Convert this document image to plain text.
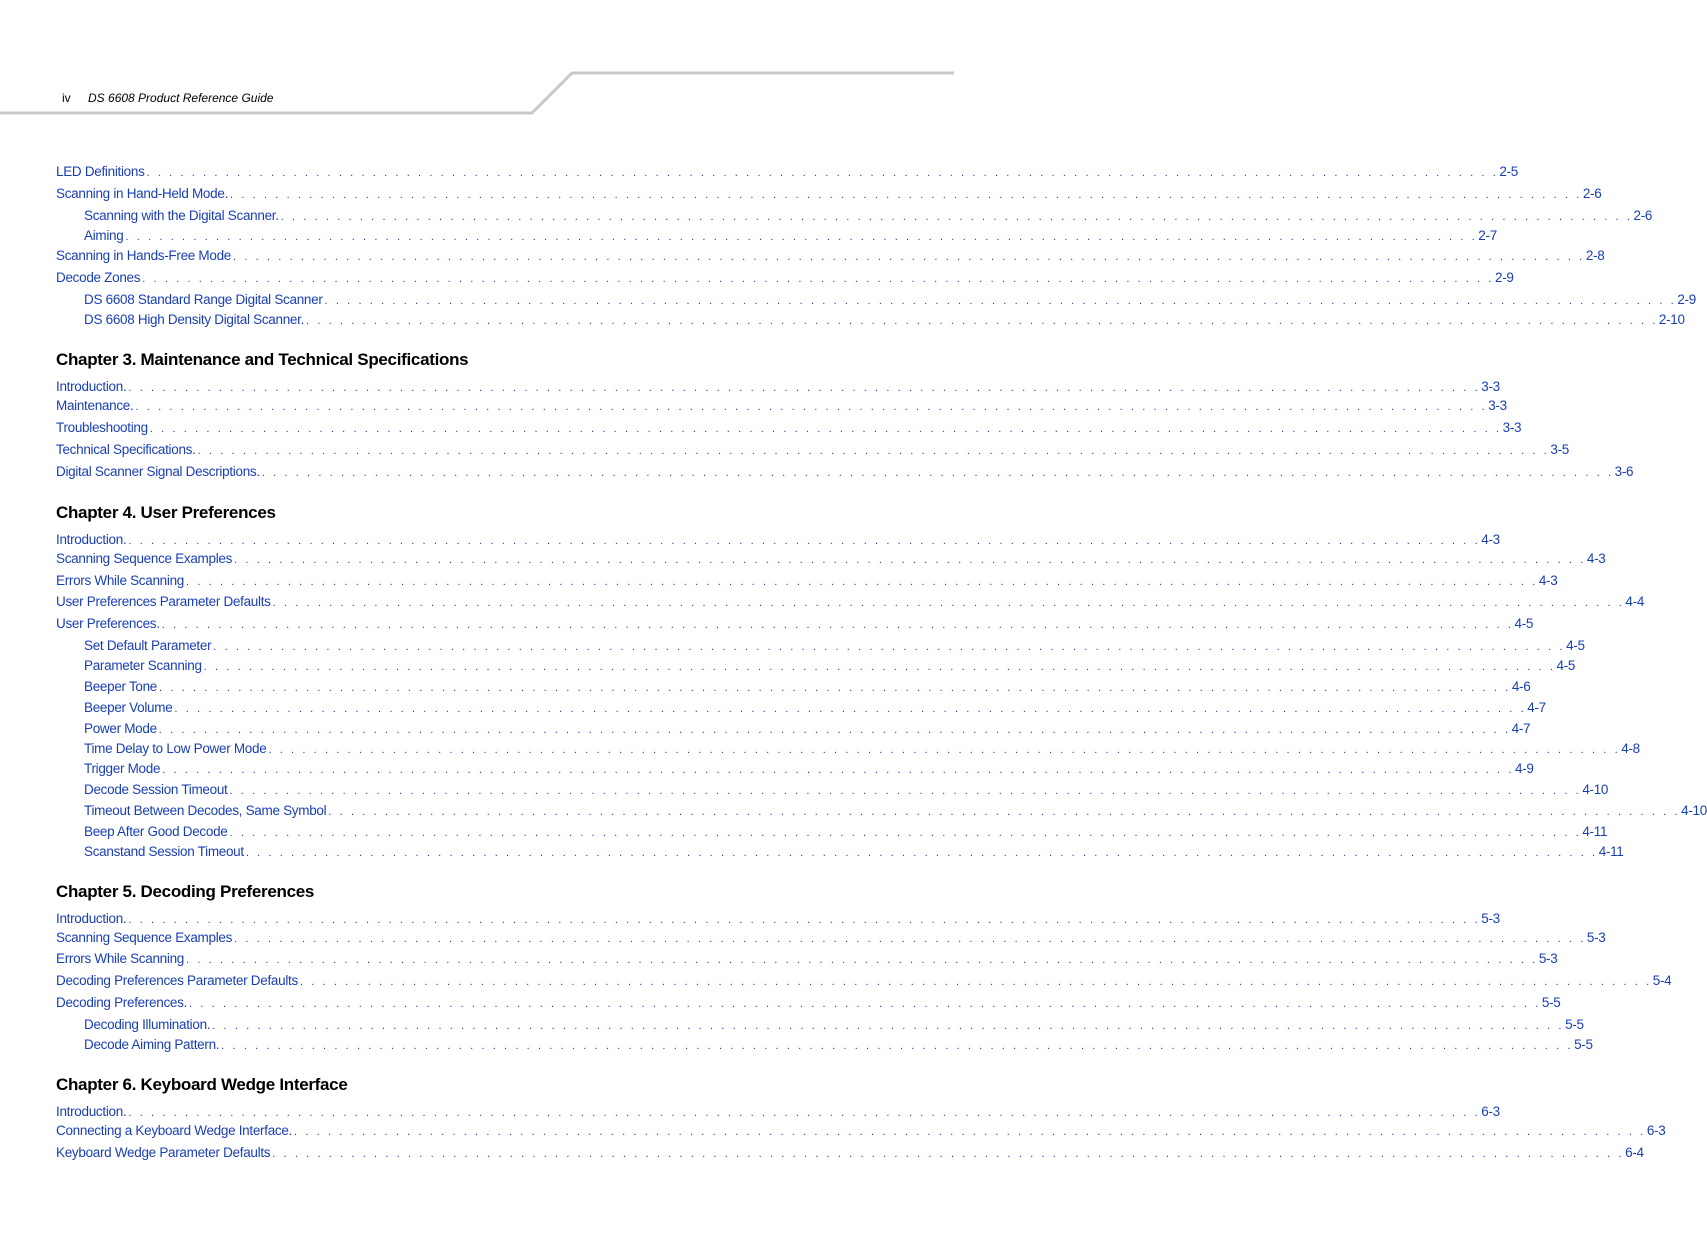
iv DS 6608 Product Reference Guide
Chapter 3. Maintenance and Technical Specifications
Chapter 4. User Preferences
Chapter 5. Decoding Preferences
Chapter 6. Keyboard Wedge Interface
LED Definitions . . . . . . . . . . . . . . . . . . . . . . . . . . . . . . . . . . . . . . . . . . . . . . . . . . . . . . . . . . . . . . . . . . . . . . . . . . . . . . . . . . . . . . . . . . . . . . . . . . . . . . . . . . . . . . . . . . . . . . . . 2-5
Scanning in Hand-Held Mode. . . . . . . . . . . . . . . . . . . . . . . . . . . . . . . . . . . . . . . . . . . . . . . . . . . . . . . . . . . . . . . . . . . . . . . . . . . . . . . . . . . . . . . . . . . . . . . . . . . . . . . . . . . . . . . . . . . . . . . . . 2-6
Scanning with the Digital Scanner. . . . . . . . . . . . . . . . . . . . . . . . . . . . . . . . . . . . . . . . . . . . . . . . . . . . . . . . . . . . . . . . . . . . . . . . . . . . . . . . . . . . . . . . . . . . . . . . . . . . . . . . . . . . . . . . . . . . . . . . . 2-6
Aiming . . . . . . . . . . . . . . . . . . . . . . . . . . . . . . . . . . . . . . . . . . . . . . . . . . . . . . . . . . . . . . . . . . . . . . . . . . . . . . . . . . . . . . . . . . . . . . . . . . . . . . . . . . . . . . . . . . . . . . . . 2-7
Scanning in Hands-Free Mode . . . . . . . . . . . . . . . . . . . . . . . . . . . . . . . . . . . . . . . . . . . . . . . . . . . . . . . . . . . . . . . . . . . . . . . . . . . . . . . . . . . . . . . . . . . . . . . . . . . . . . . . . . . . . . . . . . . . . . . . 2-8
Decode Zones . . . . . . . . . . . . . . . . . . . . . . . . . . . . . . . . . . . . . . . . . . . . . . . . . . . . . . . . . . . . . . . . . . . . . . . . . . . . . . . . . . . . . . . . . . . . . . . . . . . . . . . . . . . . . . . . . . . . . . . . 2-9
DS 6608 Standard Range Digital Scanner . . . . . . . . . . . . . . . . . . . . . . . . . . . . . . . . . . . . . . . . . . . . . . . . . . . . . . . . . . . . . . . . . . . . . . . . . . . . . . . . . . . . . . . . . . . . . . . . . . . . . . . . . . . . . . . . . . . . . . . . 2-9
DS 6608 High Density Digital Scanner. . . . . . . . . . . . . . . . . . . . . . . . . . . . . . . . . . . . . . . . . . . . . . . . . . . . . . . . . . . . . . . . . . . . . . . . . . . . . . . . . . . . . . . . . . . . . . . . . . . . . . . . . . . . . . . . . . . . . . . . . 2-10
Introduction. . . . . . . . . . . . . . . . . . . . . . . . . . . . . . . . . . . . . . . . . . . . . . . . . . . . . . . . . . . . . . . . . . . . . . . . . . . . . . . . . . . . . . . . . . . . . . . . . . . . . . . . . . . . . . . . . . . . . . . . . 3-3
Maintenance. . . . . . . . . . . . . . . . . . . . . . . . . . . . . . . . . . . . . . . . . . . . . . . . . . . . . . . . . . . . . . . . . . . . . . . . . . . . . . . . . . . . . . . . . . . . . . . . . . . . . . . . . . . . . . . . . . . . . . . . . 3-3
Troubleshooting . . . . . . . . . . . . . . . . . . . . . . . . . . . . . . . . . . . . . . . . . . . . . . . . . . . . . . . . . . . . . . . . . . . . . . . . . . . . . . . . . . . . . . . . . . . . . . . . . . . . . . . . . . . . . . . . . . . . . . . . 3-3
Technical Specifications. . . . . . . . . . . . . . . . . . . . . . . . . . . . . . . . . . . . . . . . . . . . . . . . . . . . . . . . . . . . . . . . . . . . . . . . . . . . . . . . . . . . . . . . . . . . . . . . . . . . . . . . . . . . . . . . . . . . . . . . . 3-5
Digital Scanner Signal Descriptions. . . . . . . . . . . . . . . . . . . . . . . . . . . . . . . . . . . . . . . . . . . . . . . . . . . . . . . . . . . . . . . . . . . . . . . . . . . . . . . . . . . . . . . . . . . . . . . . . . . . . . . . . . . . . . . . . . . . . . . . . 3-6
Introduction. . . . . . . . . . . . . . . . . . . . . . . . . . . . . . . . . . . . . . . . . . . . . . . . . . . . . . . . . . . . . . . . . . . . . . . . . . . . . . . . . . . . . . . . . . . . . . . . . . . . . . . . . . . . . . . . . . . . . . . . . 4-3
Scanning Sequence Examples . . . . . . . . . . . . . . . . . . . . . . . . . . . . . . . . . . . . . . . . . . . . . . . . . . . . . . . . . . . . . . . . . . . . . . . . . . . . . . . . . . . . . . . . . . . . . . . . . . . . . . . . . . . . . . . . . . . . . . . . 4-3
Errors While Scanning . . . . . . . . . . . . . . . . . . . . . . . . . . . . . . . . . . . . . . . . . . . . . . . . . . . . . . . . . . . . . . . . . . . . . . . . . . . . . . . . . . . . . . . . . . . . . . . . . . . . . . . . . . . . . . . . . . . . . . . . 4-3
User Preferences Parameter Defaults . . . . . . . . . . . . . . . . . . . . . . . . . . . . . . . . . . . . . . . . . . . . . . . . . . . . . . . . . . . . . . . . . . . . . . . . . . . . . . . . . . . . . . . . . . . . . . . . . . . . . . . . . . . . . . . . . . . . . . . . 4-4
User Preferences. . . . . . . . . . . . . . . . . . . . . . . . . . . . . . . . . . . . . . . . . . . . . . . . . . . . . . . . . . . . . . . . . . . . . . . . . . . . . . . . . . . . . . . . . . . . . . . . . . . . . . . . . . . . . . . . . . . . . . . . . 4-5
Set Default Parameter . . . . . . . . . . . . . . . . . . . . . . . . . . . . . . . . . . . . . . . . . . . . . . . . . . . . . . . . . . . . . . . . . . . . . . . . . . . . . . . . . . . . . . . . . . . . . . . . . . . . . . . . . . . . . . . . . . . . . . . . 4-5
Parameter Scanning . . . . . . . . . . . . . . . . . . . . . . . . . . . . . . . . . . . . . . . . . . . . . . . . . . . . . . . . . . . . . . . . . . . . . . . . . . . . . . . . . . . . . . . . . . . . . . . . . . . . . . . . . . . . . . . . . . . . . . . . 4-5
Beeper Tone . . . . . . . . . . . . . . . . . . . . . . . . . . . . . . . . . . . . . . . . . . . . . . . . . . . . . . . . . . . . . . . . . . . . . . . . . . . . . . . . . . . . . . . . . . . . . . . . . . . . . . . . . . . . . . . . . . . . . . . . 4-6
Beeper Volume . . . . . . . . . . . . . . . . . . . . . . . . . . . . . . . . . . . . . . . . . . . . . . . . . . . . . . . . . . . . . . . . . . . . . . . . . . . . . . . . . . . . . . . . . . . . . . . . . . . . . . . . . . . . . . . . . . . . . . . . 4-7
Power Mode . . . . . . . . . . . . . . . . . . . . . . . . . . . . . . . . . . . . . . . . . . . . . . . . . . . . . . . . . . . . . . . . . . . . . . . . . . . . . . . . . . . . . . . . . . . . . . . . . . . . . . . . . . . . . . . . . . . . . . . . 4-7
Time Delay to Low Power Mode . . . . . . . . . . . . . . . . . . . . . . . . . . . . . . . . . . . . . . . . . . . . . . . . . . . . . . . . . . . . . . . . . . . . . . . . . . . . . . . . . . . . . . . . . . . . . . . . . . . . . . . . . . . . . . . . . . . . . . . . 4-8
Trigger Mode . . . . . . . . . . . . . . . . . . . . . . . . . . . . . . . . . . . . . . . . . . . . . . . . . . . . . . . . . . . . . . . . . . . . . . . . . . . . . . . . . . . . . . . . . . . . . . . . . . . . . . . . . . . . . . . . . . . . . . . . 4-9
Decode Session Timeout . . . . . . . . . . . . . . . . . . . . . . . . . . . . . . . . . . . . . . . . . . . . . . . . . . . . . . . . . . . . . . . . . . . . . . . . . . . . . . . . . . . . . . . . . . . . . . . . . . . . . . . . . . . . . . . . . . . . . . . . 4-10
Timeout Between Decodes, Same Symbol . . . . . . . . . . . . . . . . . . . . . . . . . . . . . . . . . . . . . . . . . . . . . . . . . . . . . . . . . . . . . . . . . . . . . . . . . . . . . . . . . . . . . . . . . . . . . . . . . . . . . . . . . . . . . . . . . . . . . . . . 4-10
Beep After Good Decode . . . . . . . . . . . . . . . . . . . . . . . . . . . . . . . . . . . . . . . . . . . . . . . . . . . . . . . . . . . . . . . . . . . . . . . . . . . . . . . . . . . . . . . . . . . . . . . . . . . . . . . . . . . . . . . . . . . . . . . . 4-11
Scanstand Session Timeout . . . . . . . . . . . . . . . . . . . . . . . . . . . . . . . . . . . . . . . . . . . . . . . . . . . . . . . . . . . . . . . . . . . . . . . . . . . . . . . . . . . . . . . . . . . . . . . . . . . . . . . . . . . . . . . . . . . . . . . . 4-11
Introduction. . . . . . . . . . . . . . . . . . . . . . . . . . . . . . . . . . . . . . . . . . . . . . . . . . . . . . . . . . . . . . . . . . . . . . . . . . . . . . . . . . . . . . . . . . . . . . . . . . . . . . . . . . . . . . . . . . . . . . . . . 5-3
Scanning Sequence Examples . . . . . . . . . . . . . . . . . . . . . . . . . . . . . . . . . . . . . . . . . . . . . . . . . . . . . . . . . . . . . . . . . . . . . . . . . . . . . . . . . . . . . . . . . . . . . . . . . . . . . . . . . . . . . . . . . . . . . . . . 5-3
Errors While Scanning . . . . . . . . . . . . . . . . . . . . . . . . . . . . . . . . . . . . . . . . . . . . . . . . . . . . . . . . . . . . . . . . . . . . . . . . . . . . . . . . . . . . . . . . . . . . . . . . . . . . . . . . . . . . . . . . . . . . . . . . 5-3
Decoding Preferences Parameter Defaults . . . . . . . . . . . . . . . . . . . . . . . . . . . . . . . . . . . . . . . . . . . . . . . . . . . . . . . . . . . . . . . . . . . . . . . . . . . . . . . . . . . . . . . . . . . . . . . . . . . . . . . . . . . . . . . . . . . . . . . . 5-4
Decoding Preferences. . . . . . . . . . . . . . . . . . . . . . . . . . . . . . . . . . . . . . . . . . . . . . . . . . . . . . . . . . . . . . . . . . . . . . . . . . . . . . . . . . . . . . . . . . . . . . . . . . . . . . . . . . . . . . . . . . . . . . . . . 5-5
Decoding Illumination. . . . . . . . . . . . . . . . . . . . . . . . . . . . . . . . . . . . . . . . . . . . . . . . . . . . . . . . . . . . . . . . . . . . . . . . . . . . . . . . . . . . . . . . . . . . . . . . . . . . . . . . . . . . . . . . . . . . . . . . . 5-5
Decode Aiming Pattern. . . . . . . . . . . . . . . . . . . . . . . . . . . . . . . . . . . . . . . . . . . . . . . . . . . . . . . . . . . . . . . . . . . . . . . . . . . . . . . . . . . . . . . . . . . . . . . . . . . . . . . . . . . . . . . . . . . . . . . . . 5-5
Introduction. . . . . . . . . . . . . . . . . . . . . . . . . . . . . . . . . . . . . . . . . . . . . . . . . . . . . . . . . . . . . . . . . . . . . . . . . . . . . . . . . . . . . . . . . . . . . . . . . . . . . . . . . . . . . . . . . . . . . . . . . 6-3
Connecting a Keyboard Wedge Interface. . . . . . . . . . . . . . . . . . . . . . . . . . . . . . . . . . . . . . . . . . . . . . . . . . . . . . . . . . . . . . . . . . . . . . . . . . . . . . . . . . . . . . . . . . . . . . . . . . . . . . . . . . . . . . . . . . . . . . . . . 6-3
Keyboard Wedge Parameter Defaults . . . . . . . . . . . . . . . . . . . . . . . . . . . . . . . . . . . . . . . . . . . . . . . . . . . . . . . . . . . . . . . . . . . . . . . . . . . . . . . . . . . . . . . . . . . . . . . . . . . . . . . . . . . . . . . . . . . . . . . . 6-4
